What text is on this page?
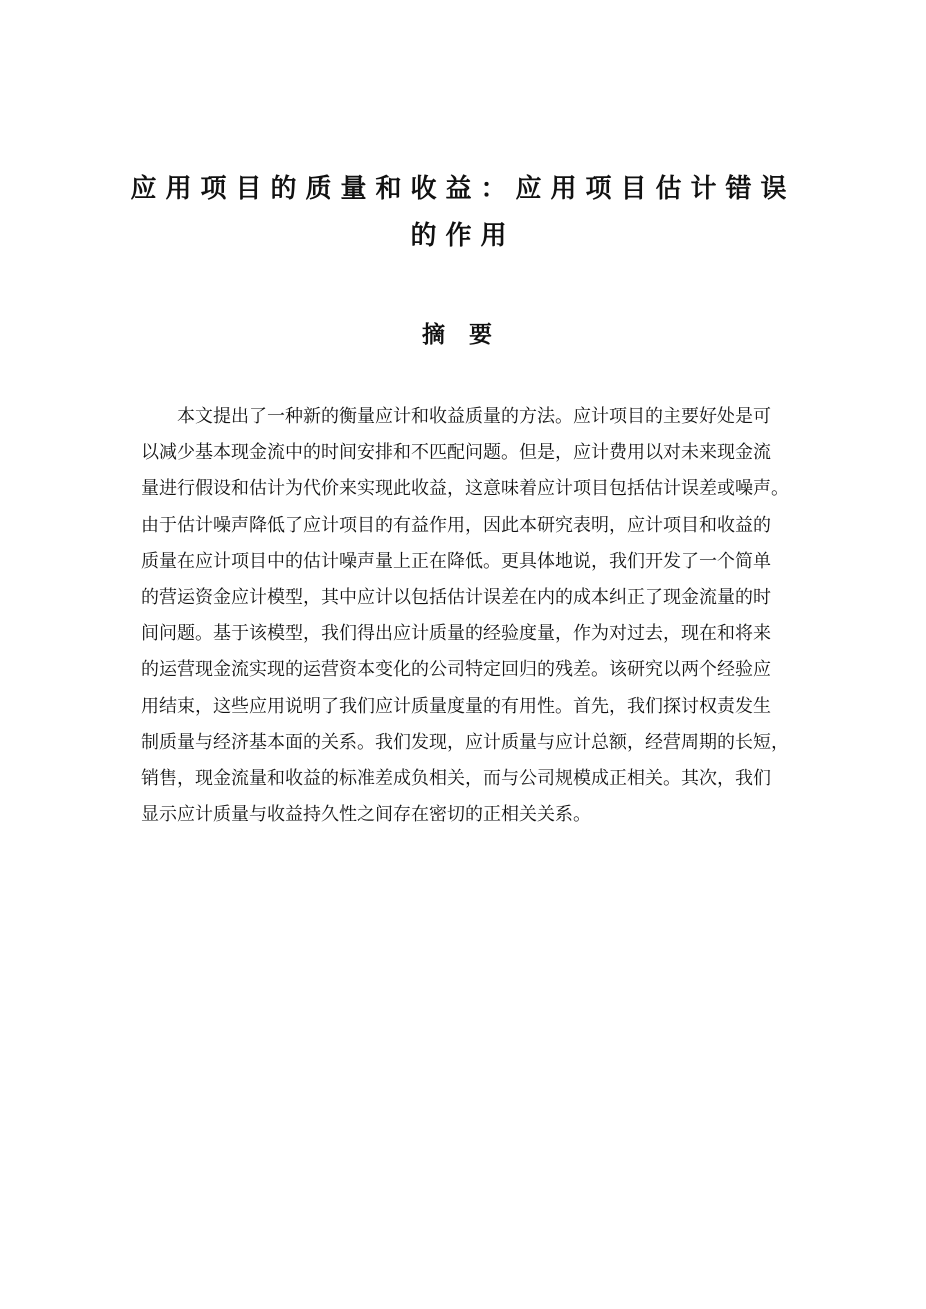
应用项目的质量和收益：应用项目估计错误
的作用
摘要
本文提出了一种新的衡量应计和收益质量的方法。应计项目的主要好处是可
以减少基本现金流中的时间安排和不匹配问题。但是，应计费用以对未来现金流
量进行假设和估计为代价来实现此收益，这意味着应计项目包括估计误差或噪声。
由于估计噪声降低了应计项目的有益作用，因此本研究表明，应计项目和收益的
质量在应计项目中的估计噪声量上正在降低。更具体地说，我们开发了一个简单
的营运资金应计模型，其中应计以包括估计误差在内的成本纠正了现金流量的时
间问题。基于该模型，我们得出应计质量的经验度量，作为对过去，现在和将来
的运营现金流实现的运营资本变化的公司特定回归的残差。该研究以两个经验应
用结束，这些应用说明了我们应计质量度量的有用性。首先，我们探讨权责发生
制质量与经济基本面的关系。我们发现，应计质量与应计总额，经营周期的长短，
销售，现金流量和收益的标准差成负相关，而与公司规模成正相关。其次，我们
显示应计质量与收益持久性之间存在密切的正相关关系。
